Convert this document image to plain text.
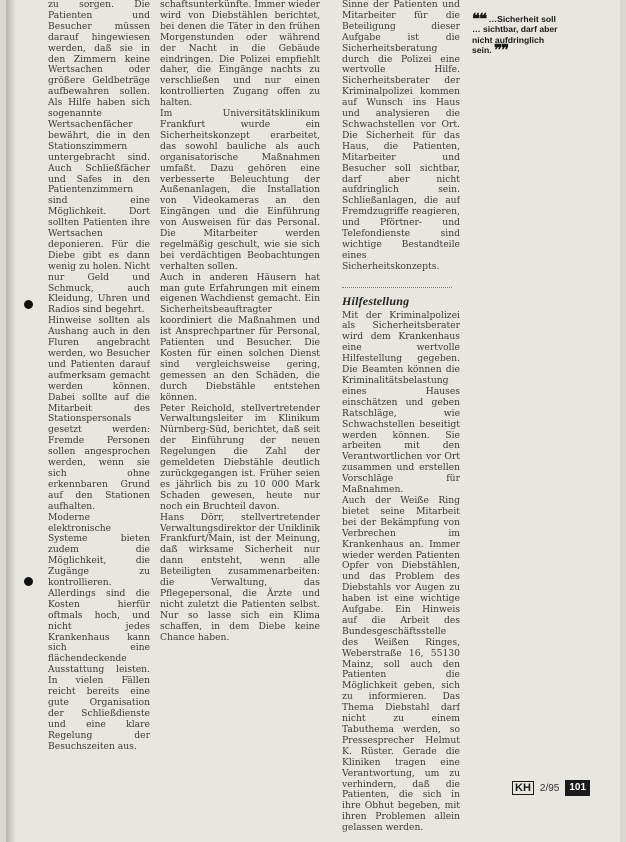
zu sorgen. Die Patienten und Besucher müssen darauf hingewiesen werden, daß sie in den Zimmern keine Wertsachen oder größere Geldbeträge aufbewahren sollen. Als Hilfe haben sich sogenannte Wertsachenfächer bewährt, die in den Stationszimmern untergebracht sind. Auch Schließfächer und Safes in den Patientenzimmern sind eine Möglichkeit. Dort sollten Patienten ihre Wertsachen deponieren. Für die Diebe gibt es dann wenig zu holen. Nicht nur Geld und Schmuck, auch Kleidung, Uhren und Radios sind begehrt.

Hinweise sollten als Aushang auch in den Fluren angebracht werden, wo Besucher und Patienten darauf aufmerksam gemacht werden können. Dabei sollte auf die Mitarbeit des Stationspersonals gesetzt werden: Fremde Personen sollen angesprochen werden, wenn sie sich ohne erkennbaren Grund auf den Stationen aufhalten.

Moderne elektronische Systeme bieten zudem die Möglichkeit, die Zugänge zu kontrollieren. Allerdings sind die Kosten hierfür oftmals hoch, und nicht jedes Krankenhaus kann sich eine flächendeckende Ausstattung leisten. In vielen Fällen reicht bereits eine gute Organisation der Schließdienste und eine klare Regelung der Besuchszeiten aus.

schaftsunterkünfte. Immer wieder wird von Diebstählen berichtet, bei denen die Täter in den frühen Morgenstunden oder während der Nacht in die Gebäude eindringen. Die Polizei empfiehlt daher, die Eingänge nachts zu verschließen und nur einen kontrollierten Zugang offen zu halten.

Im Universitätsklinikum Frankfurt wurde ein Sicherheitskonzept erarbeitet, das sowohl bauliche als auch organisatorische Maßnahmen umfaßt. Dazu gehören eine verbesserte Beleuchtung der Außenanlagen, die Installation von Videokameras an den Eingängen und die Einführung von Ausweisen für das Personal. Die Mitarbeiter werden regelmäßig geschult, wie sie sich bei verdächtigen Beobachtungen verhalten sollen.

Auch in anderen Häusern hat man gute Erfahrungen mit einem eigenen Wachdienst gemacht. Ein Sicherheitsbeauftragter koordiniert die Maßnahmen und ist Ansprechpartner für Personal, Patienten und Besucher. Die Kosten für einen solchen Dienst sind vergleichsweise gering, gemessen an den Schäden, die durch Diebstähle entstehen können.

Peter Reichold, stellvertretender Verwaltungsleiter im Klinikum Nürnberg-Süd, berichtet, daß seit der Einführung der neuen Regelungen die Zahl der gemeldeten Diebstähle deutlich zurückgegangen ist. Früher seien es jährlich bis zu 10 000 Mark Schaden gewesen, heute nur noch ein Bruchteil davon.

Hans Dörr, stellvertretender Verwaltungsdirektor der Uniklinik Frankfurt/Main, ist der Meinung, daß wirksame Sicherheit nur dann entsteht, wenn alle Beteiligten zusammenarbeiten: die Verwaltung, das Pflegepersonal, die Ärzte und nicht zuletzt die Patienten selbst. Nur so lasse sich ein Klima schaffen, in dem Diebe keine Chance haben.

Sinne der Patienten und Mitarbeiter für die Beteiligung dieser Aufgabe ist die Sicherheitsberatung durch die Polizei eine wertvolle Hilfe. Sicherheitsberater der Kriminalpolizei kommen auf Wunsch ins Haus und analysieren die Schwachstellen vor Ort. Die Sicherheit für das Haus, die Patienten, Mitarbeiter und Besucher soll sichtbar, darf aber nicht aufdringlich sein. Schließanlagen, die auf Fremdzugriffe reagieren, und Pförtner- und Telefondienste sind wichtige Bestandteile eines Sicherheitskonzepts.

Hilfestellung

Mit der Kriminalpolizei als Sicherheitsberater wird dem Krankenhaus eine wertvolle Hilfestellung gegeben. Die Beamten können die Kriminalitätsbelastung eines Hauses einschätzen und geben Ratschläge, wie Schwachstellen beseitigt werden können. Sie arbeiten mit den Verantwortlichen vor Ort zusammen und erstellen Vorschläge für Maßnahmen.

Auch der Weiße Ring bietet seine Mitarbeit bei der Bekämpfung von Verbrechen im Krankenhaus an. Immer wieder werden Patienten Opfer von Diebstählen, und das Problem des Diebstahls vor Augen zu haben ist eine wichtige Aufgabe. Ein Hinweis auf die Arbeit des Bundesgeschäftsstelle des Weißen Ringes, Weberstraße 16, 55130 Mainz, soll auch den Patienten die Möglichkeit geben, sich zu informieren. Das Thema Diebstahl darf nicht zu einem Tabuthema werden, so Pressesprecher Helmut K. Rüster. Gerade die Kliniken tragen eine Verantwortung, um zu verhindern, daß die Patienten, die sich in ihre Obhut begeben, mit ihren Problemen allein gelassen werden.

❝❝ …Sicherheit soll … sichtbar, darf aber nicht aufdringlich sein. ❞❞
KH 2/95	101
